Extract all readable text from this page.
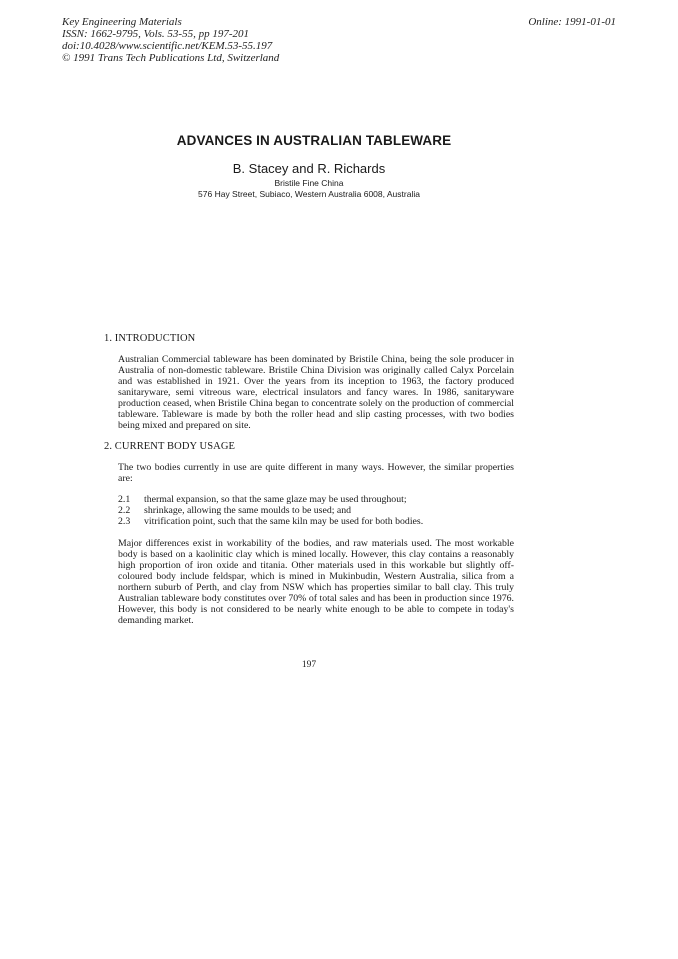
Key Engineering Materials
ISSN: 1662-9795, Vols. 53-55, pp 197-201
doi:10.4028/www.scientific.net/KEM.53-55.197
© 1991 Trans Tech Publications Ltd, Switzerland
Online: 1991-01-01
ADVANCES IN AUSTRALIAN TABLEWARE
B. Stacey and R. Richards
Bristile Fine China
576 Hay Street, Subiaco, Western Australia 6008, Australia
1. INTRODUCTION
Australian Commercial tableware has been dominated by Bristile China, being the sole producer in Australia of non-domestic tableware. Bristile China Division was originally called Calyx Porcelain and was established in 1921. Over the years from its inception to 1963, the factory produced sanitaryware, semi vitreous ware, electrical insulators and fancy wares. In 1986, sanitaryware production ceased, when Bristile China began to concentrate solely on the production of commercial tableware. Tableware is made by both the roller head and slip casting processes, with two bodies being mixed and prepared on site.
2. CURRENT BODY USAGE
The two bodies currently in use are quite different in many ways. However, the similar properties are:
2.1	thermal expansion, so that the same glaze may be used throughout;
2.2	shrinkage, allowing the same moulds to be used; and
2.3	vitrification point, such that the same kiln may be used for both bodies.
Major differences exist in workability of the bodies, and raw materials used. The most workable body is based on a kaolinitic clay which is mined locally. However, this clay contains a reasonably high proportion of iron oxide and titania. Other materials used in this workable but slightly off-coloured body include feldspar, which is mined in Mukinbudin, Western Australia, silica from a northern suburb of Perth, and clay from NSW which has properties similar to ball clay. This truly Australian tableware body constitutes over 70% of total sales and has been in production since 1976. However, this body is not considered to be nearly white enough to be able to compete in today's demanding market.
197
